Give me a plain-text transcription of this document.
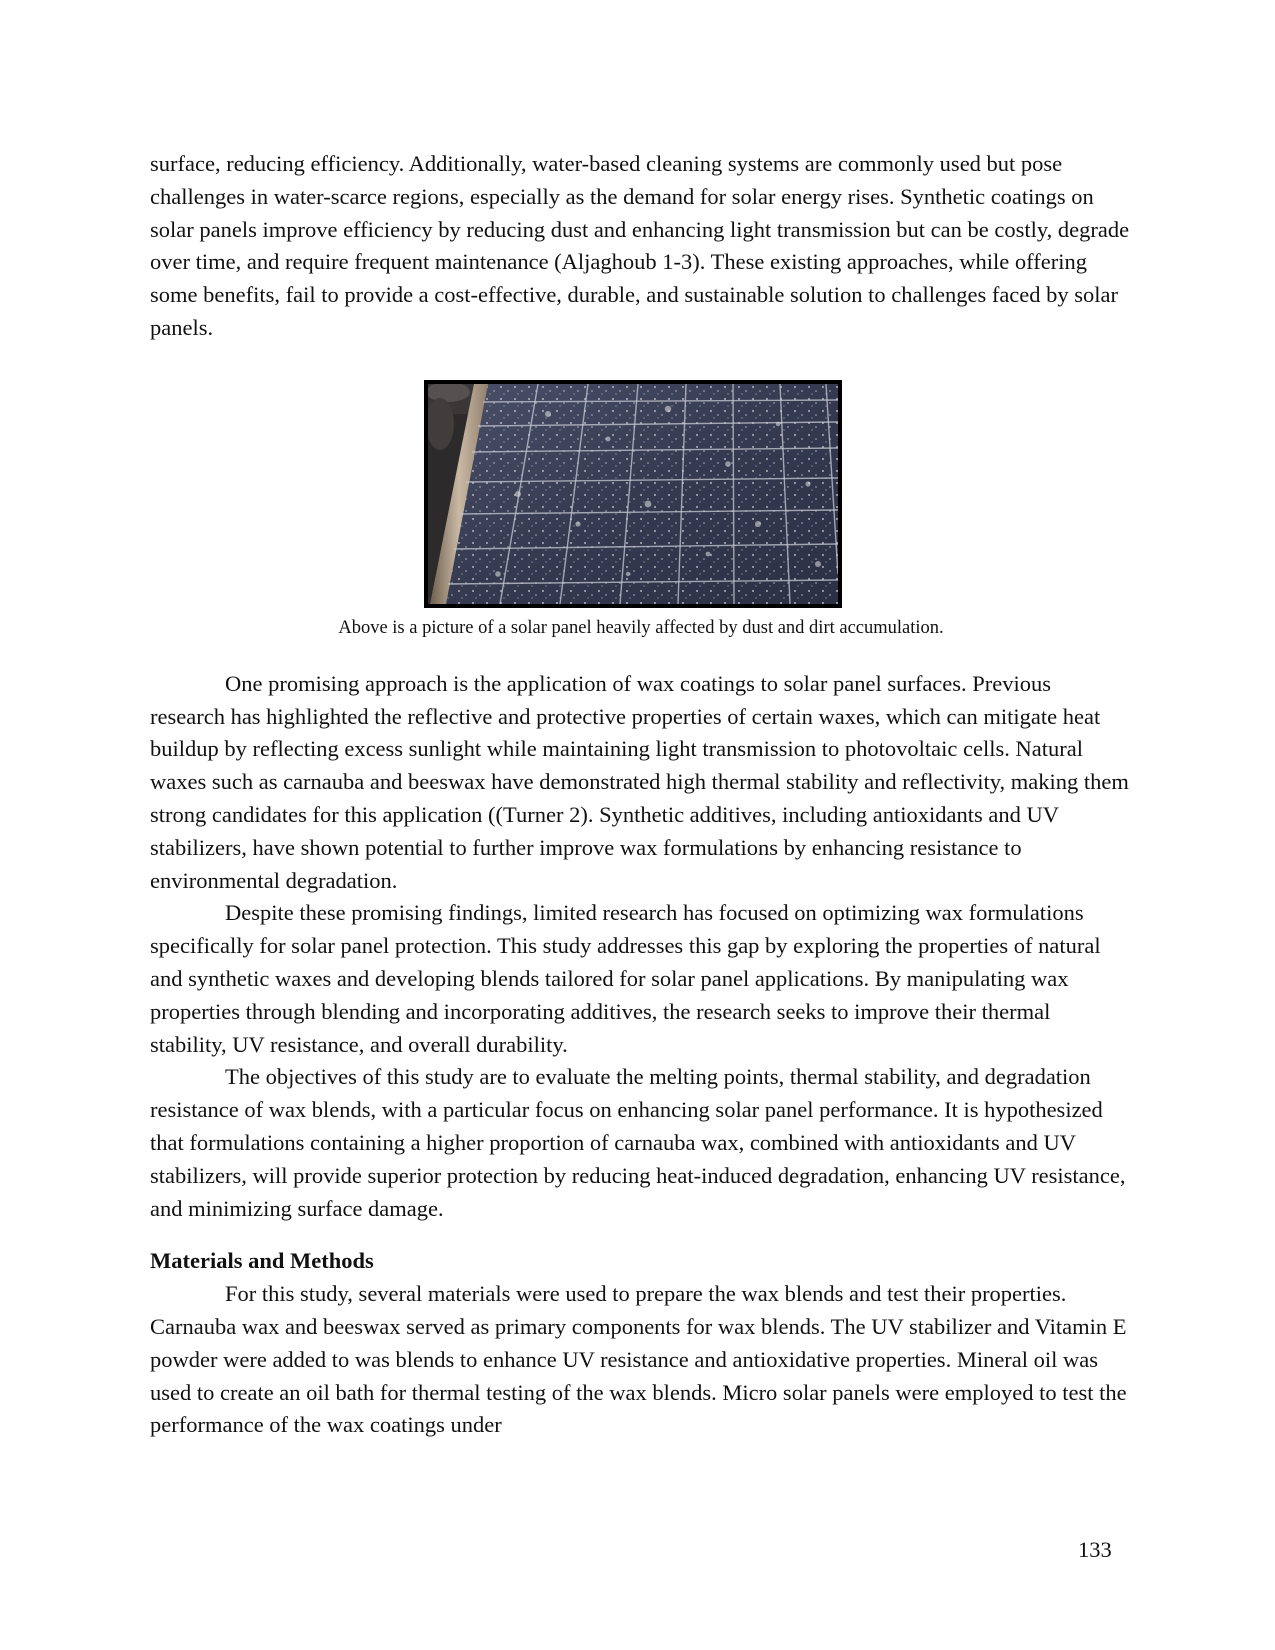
surface, reducing efficiency. Additionally, water-based cleaning systems are commonly used but pose challenges in water-scarce regions, especially as the demand for solar energy rises. Synthetic coatings on solar panels improve efficiency by reducing dust and enhancing light transmission but can be costly, degrade over time, and require frequent maintenance (Aljaghoub 1-3). These existing approaches, while offering some benefits, fail to provide a cost-effective, durable, and sustainable solution to challenges faced by solar panels.

Above is a picture of a solar panel heavily affected by dust and dirt accumulation.

One promising approach is the application of wax coatings to solar panel surfaces. Previous research has highlighted the reflective and protective properties of certain waxes, which can mitigate heat buildup by reflecting excess sunlight while maintaining light transmission to photovoltaic cells. Natural waxes such as carnauba and beeswax have demonstrated high thermal stability and reflectivity, making them strong candidates for this application ((Turner 2). Synthetic additives, including antioxidants and UV stabilizers, have shown potential to further improve wax formulations by enhancing resistance to environmental degradation.

Despite these promising findings, limited research has focused on optimizing wax formulations specifically for solar panel protection. This study addresses this gap by exploring the properties of natural and synthetic waxes and developing blends tailored for solar panel applications. By manipulating wax properties through blending and incorporating additives, the research seeks to improve their thermal stability, UV resistance, and overall durability.

The objectives of this study are to evaluate the melting points, thermal stability, and degradation resistance of wax blends, with a particular focus on enhancing solar panel performance. It is hypothesized that formulations containing a higher proportion of carnauba wax, combined with antioxidants and UV stabilizers, will provide superior protection by reducing heat-induced degradation, enhancing UV resistance, and minimizing surface damage.

Materials and Methods

For this study, several materials were used to prepare the wax blends and test their properties. Carnauba wax and beeswax served as primary components for wax blends. The UV stabilizer and Vitamin E powder were added to was blends to enhance UV resistance and antioxidative properties. Mineral oil was used to create an oil bath for thermal testing of the wax blends. Micro solar panels were employed to test the performance of the wax coatings under

133
